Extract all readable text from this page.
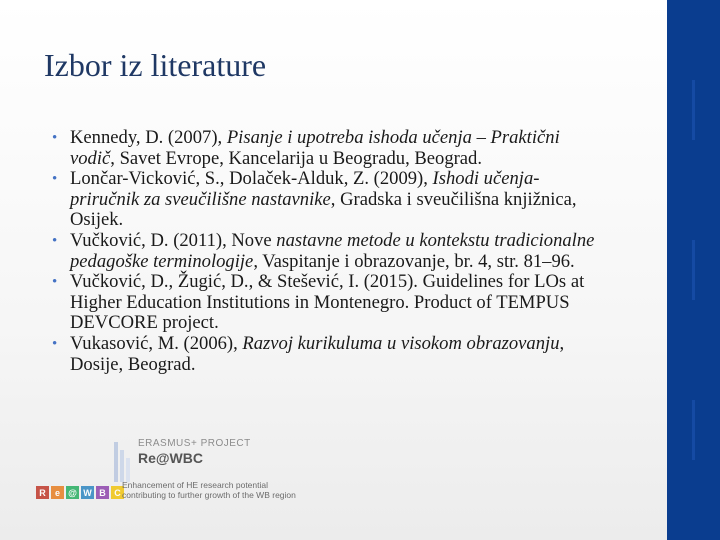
Izbor iz literature
R	e @ W B C
ERASMUS+ PROJECT
Re@WBC
Enhancement of HE research potential
contributing to further growth of the WB region
• Kennedy, D. (2007), Pisanje i upotreba ishoda učenja – Praktični vodič, Savet Evrope, Kancelarija u Beogradu, Beograd.
• Lončar-Vicković, S., Dolaček-Alduk, Z. (2009), Ishodi učenja-priručnik za sveučilišne nastavnike, Gradska i sveučilišna knjižnica, Osijek.
• Vučković, D. (2011), Nove nastavne metode u kontekstu tradicionalne pedagoške terminologije, Vaspitanje i obrazovanje, br. 4, str. 81–96.
• Vučković, D., Žugić, D., & Stešević, I. (2015). Guidelines for LOs at Higher Education Institutions in Montenegro. Product of TEMPUS DEVCORE project.
• Vukasović, M. (2006), Razvoj kurikuluma u visokom obrazovanju, Dosije, Beograd.
